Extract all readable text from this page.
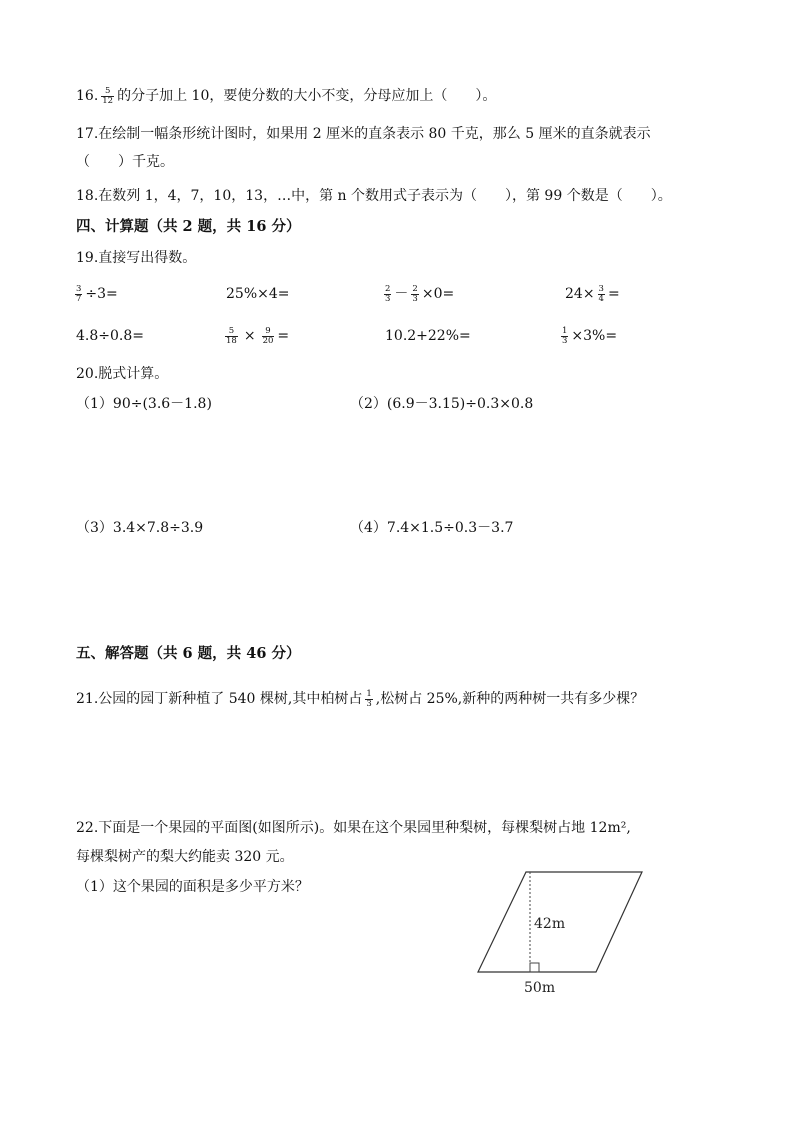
16. $\frac{5}{12}$ 的分子加上 10，要使分数的大小不变，分母应加上（　　）。
17.在绘制一幅条形统计图时，如果用 2 厘米的直条表示 80 千克，那么 5 厘米的直条就表示
（　　）千克。
18.在数列 1，4，7，10，13，…中，第 n 个数用式子表示为（　　），第 99 个数是（　　）。
四、计算题（共 2 题，共 16 分）
19.直接写出得数。
$\frac{3}{7} \div 3=$	25%×4=	$\frac{2}{3} - \frac{2}{3} \times 0=$	$24\times \frac{3}{4}$ =
4.8÷0.8=	$\frac{5}{18} \times \frac{9}{20}$ =	10.2+22%=	$\frac{1}{3} \times 3\%=$
20.脱式计算。
（1）90÷(3.6－1.8)	（2）(6.9－3.15)÷0.3×0.8
（3）3.4×7.8÷3.9	（4）7.4×1.5÷0.3－3.7
五、解答题（共 6 题，共 46 分）
21.公园的园丁新种植了 540 棵树,其中柏树占 $\frac{1}{3}$ ,松树占 25%,新种的两种树一共有多少棵？
22.下面是一个果园的平面图(如图所示)。如果在这个果园里种梨树，每棵梨树占地 12m²,
每棵梨树产的梨大约能卖 320 元。
（1）这个果园的面积是多少平方米？
42m
50m
